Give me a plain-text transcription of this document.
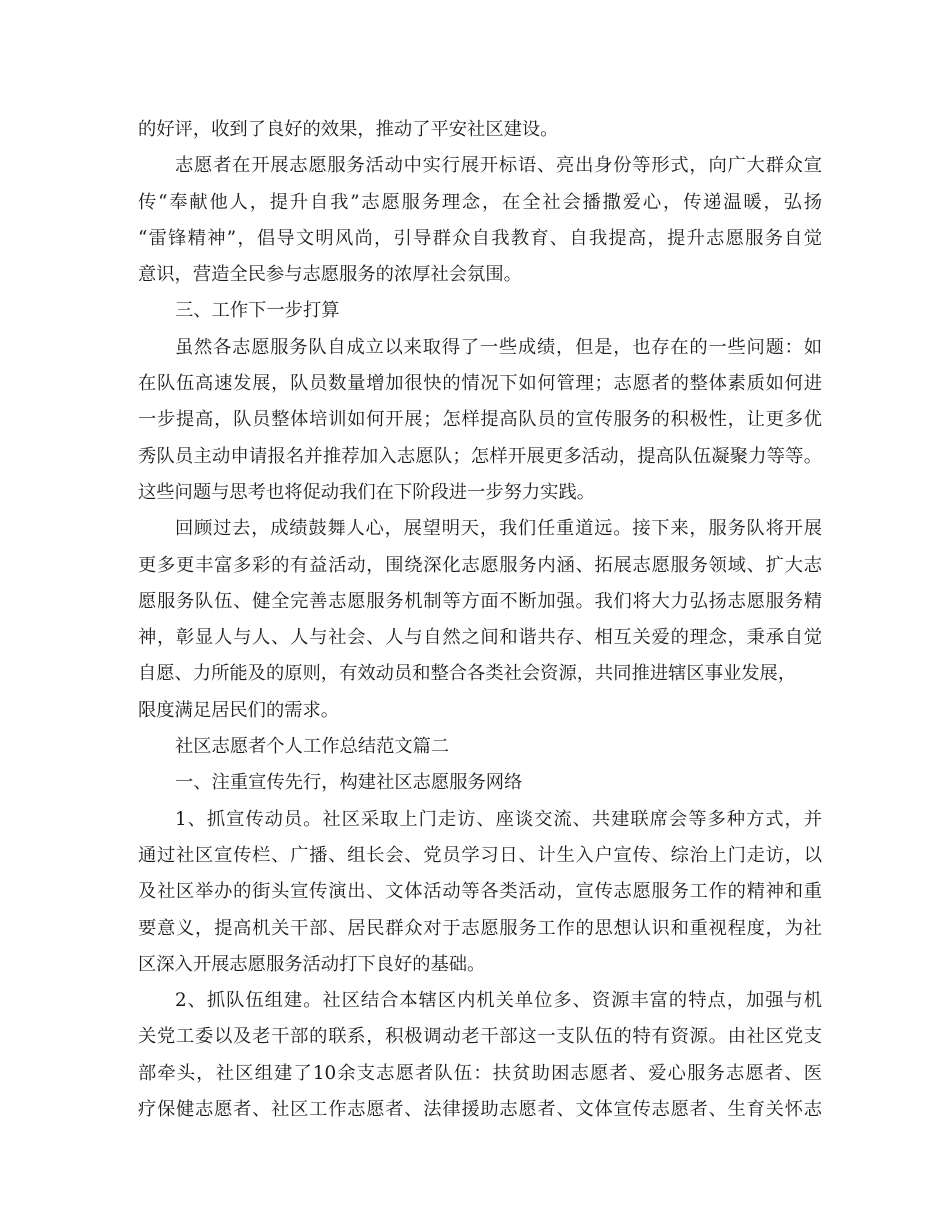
的好评，收到了良好的效果，推动了平安社区建设。
志愿者在开展志愿服务活动中实行展开标语、亮出身份等形式，向广大群众宣
传“奉献他人，提升自我”志愿服务理念，在全社会播撒爱心，传递温暖，弘扬
“雷锋精神”，倡导文明风尚，引导群众自我教育、自我提高，提升志愿服务自觉
意识，营造全民参与志愿服务的浓厚社会氛围。
三、工作下一步打算
虽然各志愿服务队自成立以来取得了一些成绩，但是，也存在的一些问题：如
在队伍高速发展，队员数量增加很快的情况下如何管理；志愿者的整体素质如何进
一步提高，队员整体培训如何开展；怎样提高队员的宣传服务的积极性，让更多优
秀队员主动申请报名并推荐加入志愿队；怎样开展更多活动，提高队伍凝聚力等等。
这些问题与思考也将促动我们在下阶段进一步努力实践。
回顾过去，成绩鼓舞人心，展望明天，我们任重道远。接下来，服务队将开展
更多更丰富多彩的有益活动，围绕深化志愿服务内涵、拓展志愿服务领域、扩大志
愿服务队伍、健全完善志愿服务机制等方面不断加强。我们将大力弘扬志愿服务精
神，彰显人与人、人与社会、人与自然之间和谐共存、相互关爱的理念，秉承自觉
自愿、力所能及的原则，有效动员和整合各类社会资源，共同推进辖区事业发展，
限度满足居民们的需求。
社区志愿者个人工作总结范文篇二
一、注重宣传先行，构建社区志愿服务网络
1、抓宣传动员。社区采取上门走访、座谈交流、共建联席会等多种方式，并
通过社区宣传栏、广播、组长会、党员学习日、计生入户宣传、综治上门走访，以
及社区举办的街头宣传演出、文体活动等各类活动，宣传志愿服务工作的精神和重
要意义，提高机关干部、居民群众对于志愿服务工作的思想认识和重视程度，为社
区深入开展志愿服务活动打下良好的基础。
2、抓队伍组建。社区结合本辖区内机关单位多、资源丰富的特点，加强与机
关党工委以及老干部的联系，积极调动老干部这一支队伍的特有资源。由社区党支
部牵头，社区组建了10余支志愿者队伍：扶贫助困志愿者、爱心服务志愿者、医
疗保健志愿者、社区工作志愿者、法律援助志愿者、文体宣传志愿者、生育关怀志
